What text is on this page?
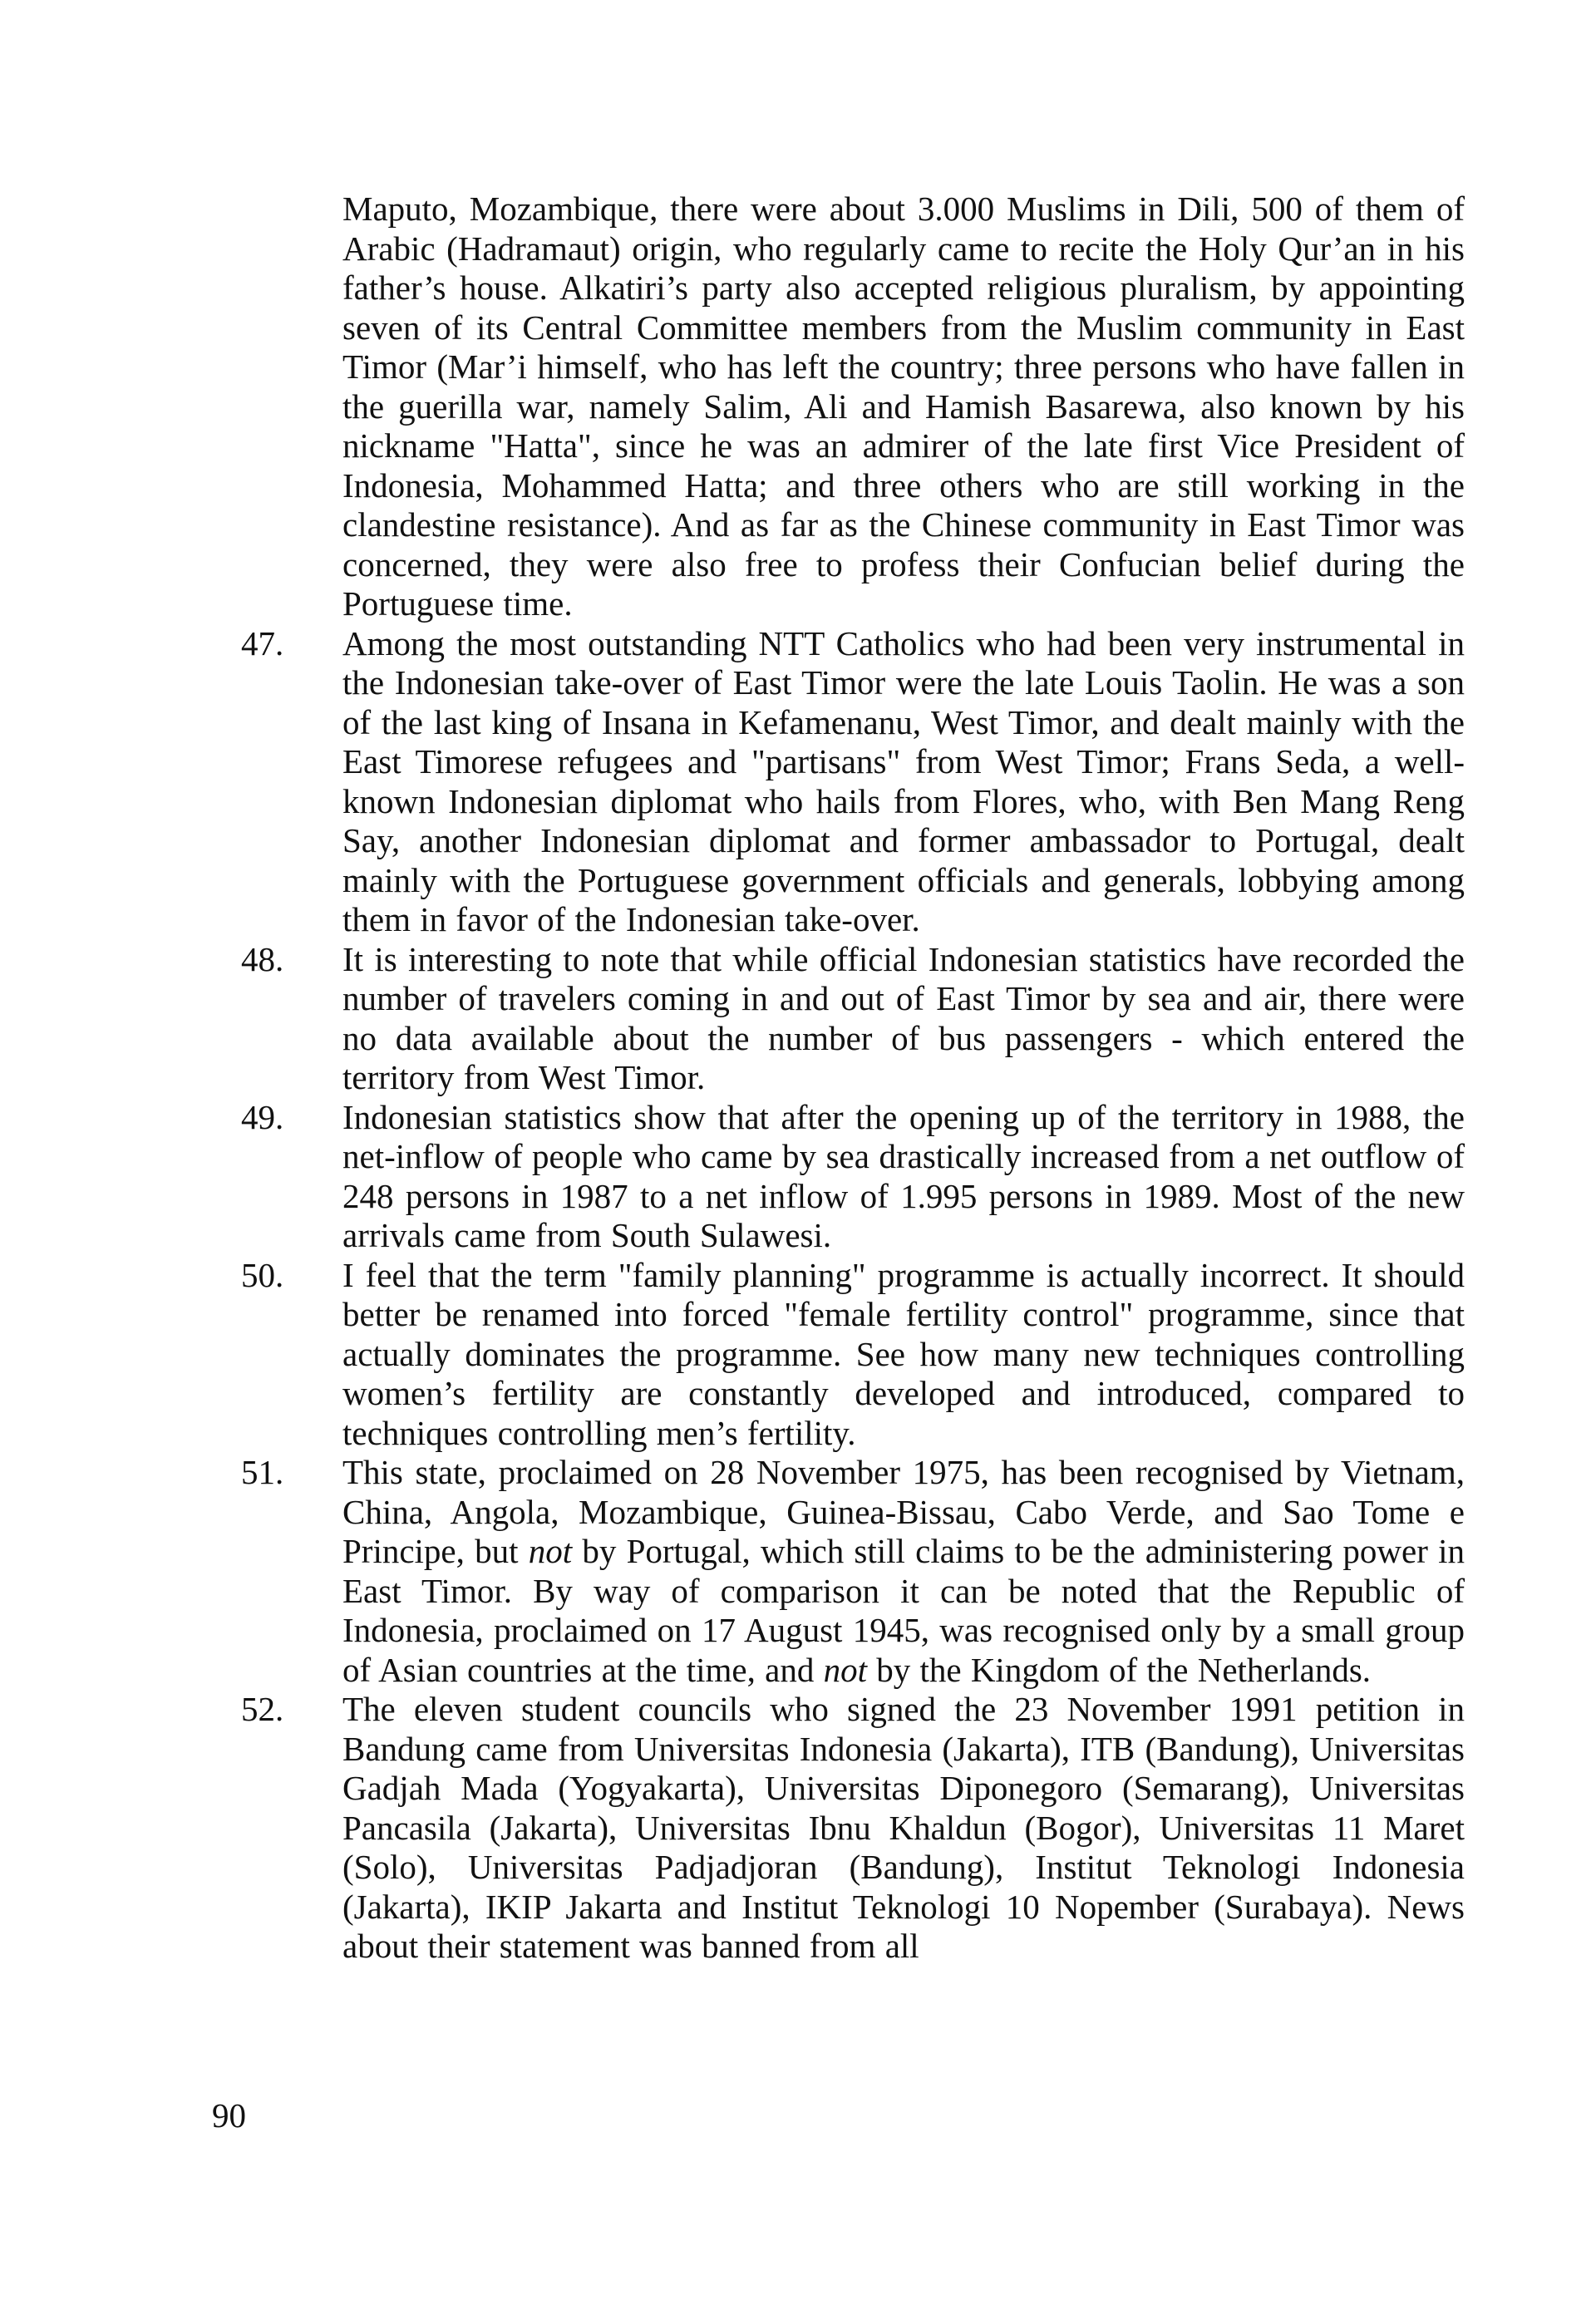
Maputo, Mozambique, there were about 3.000 Muslims in Dili, 500 of them of Arabic (Hadramaut) origin, who regularly came to recite the Holy Qur’an in his father’s house. Alkatiri’s party also accepted religious pluralism, by appointing seven of its Central Committee members from the Muslim community in East Timor (Mar’i himself, who has left the country; three persons who have fallen in the guerilla war, namely Salim, Ali and Hamish Basarewa, also known by his nickname "Hatta", since he was an admirer of the late first Vice President of Indonesia, Mohammed Hatta; and three others who are still working in the clandestine resistance). And as far as the Chinese community in East Timor was concerned, they were also free to profess their Confucian belief during the Portuguese time.
47.	Among the most outstanding NTT Catholics who had been very instrumental in the Indonesian take-over of East Timor were the late Louis Taolin. He was a son of the last king of Insana in Kefamenanu, West Timor, and dealt mainly with the East Timorese refugees and "partisans" from West Timor; Frans Seda, a well-known Indonesian diplomat who hails from Flores, who, with Ben Mang Reng Say, another Indonesian diplomat and former ambassador to Portugal, dealt mainly with the Portuguese government officials and generals, lobbying among them in favor of the Indonesian take-over.
48.	It is interesting to note that while official Indonesian statistics have recorded the number of travelers coming in and out of East Timor by sea and air, there were no data available about the number of bus passengers - which entered the territory from West Timor.
49.	Indonesian statistics show that after the opening up of the territory in 1988, the net-inflow of people who came by sea drastically increased from a net outflow of 248 persons in 1987 to a net inflow of 1.995 persons in 1989. Most of the new arrivals came from South Sulawesi.
50.	I feel that the term "family planning" programme is actually incorrect. It should better be renamed into forced "female fertility control" programme, since that actually dominates the programme. See how many new techniques controlling women’s fertility are constantly developed and introduced, compared to techniques controlling men’s fertility.
51.	This state, proclaimed on 28 November 1975, has been recognised by Vietnam, China, Angola, Mozambique, Guinea-Bissau, Cabo Verde, and Sao Tome e Principe, but not by Portugal, which still claims to be the administering power in East Timor. By way of comparison it can be noted that the Republic of Indonesia, proclaimed on 17 August 1945, was recognised only by a small group of Asian countries at the time, and not by the Kingdom of the Netherlands.
52.	The eleven student councils who signed the 23 November 1991 petition in Bandung came from Universitas Indonesia (Jakarta), ITB (Bandung), Universitas Gadjah Mada (Yogyakarta), Universitas Diponegoro (Semarang), Universitas Pancasila (Jakarta), Universitas Ibnu Khaldun (Bogor), Universitas 11 Maret (Solo), Universitas Padjadjoran (Bandung), Institut Teknologi Indonesia (Jakarta), IKIP Jakarta and Institut Teknologi 10 Nopember (Surabaya). News about their statement was banned from all
90
